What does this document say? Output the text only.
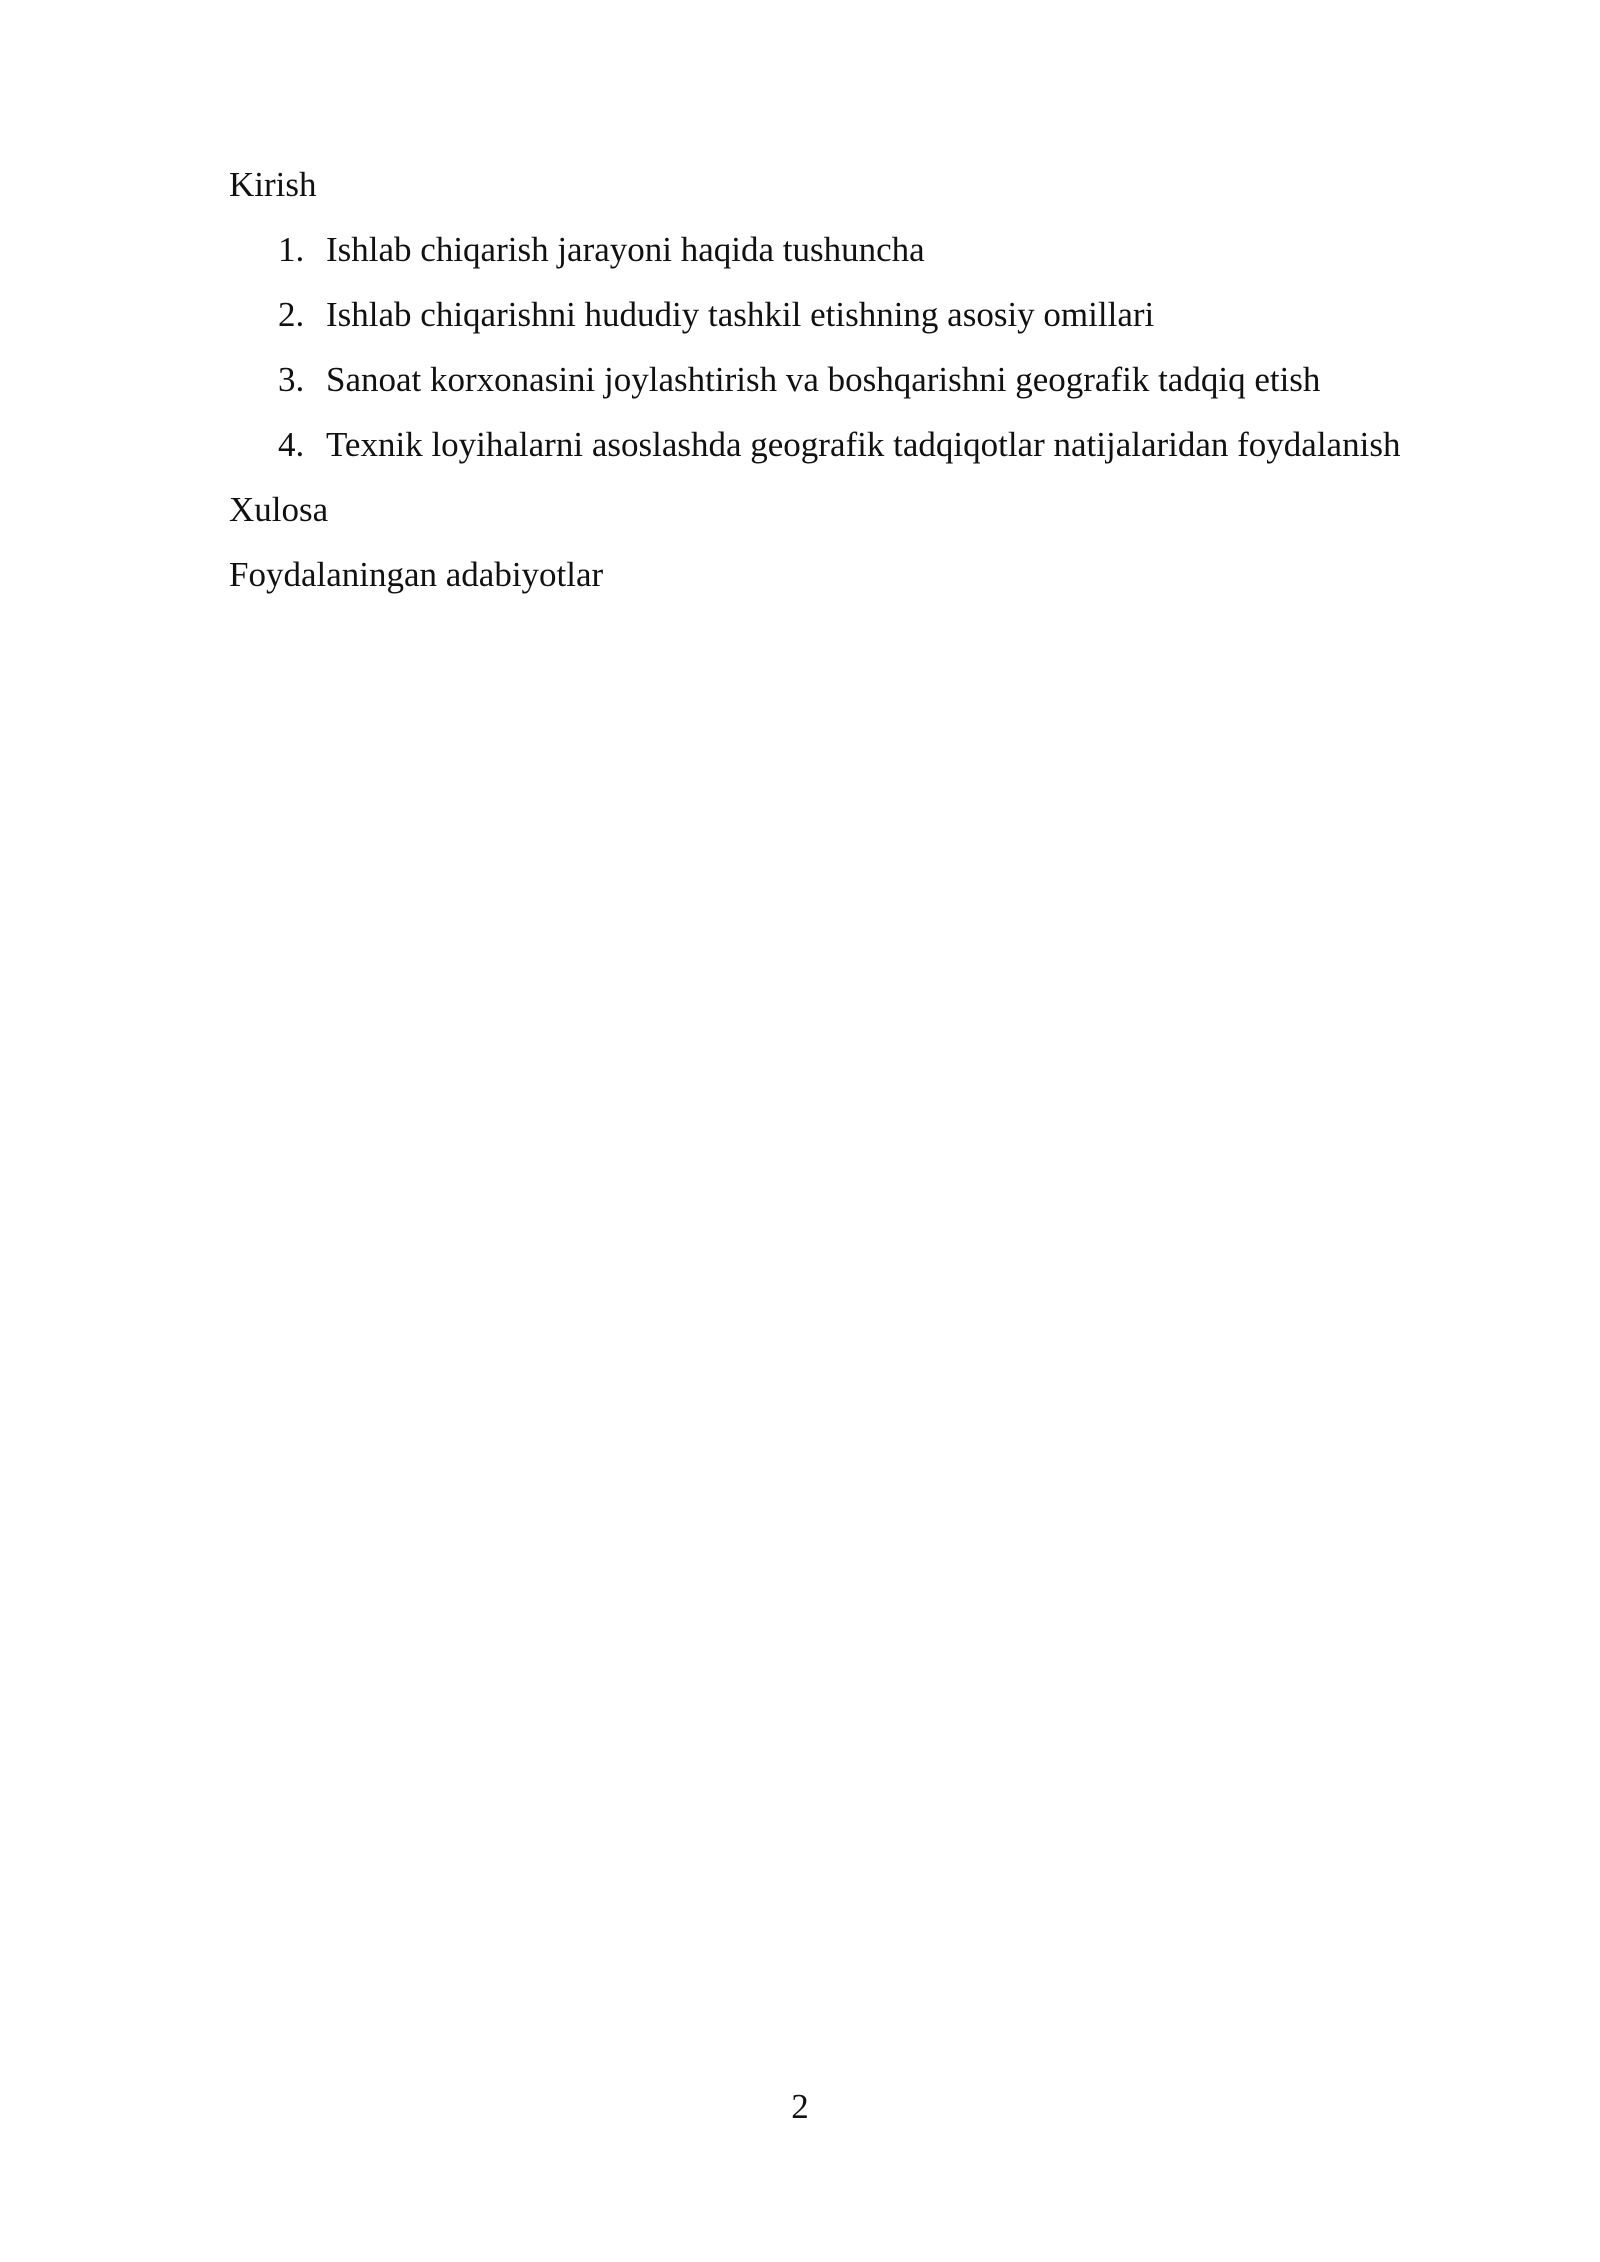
Kirish
1. Ishlab chiqarish jarayoni haqida tushuncha
2. Ishlab chiqarishni hududiy tashkil etishning asosiy omillari
3. Sanoat korxonasini joylashtirish va boshqarishni geografik tadqiq etish
4. Texnik loyihalarni asoslashda geografik tadqiqotlar natijalaridan foydalanish
Xulosa
Foydalaningan adabiyotlar
2
